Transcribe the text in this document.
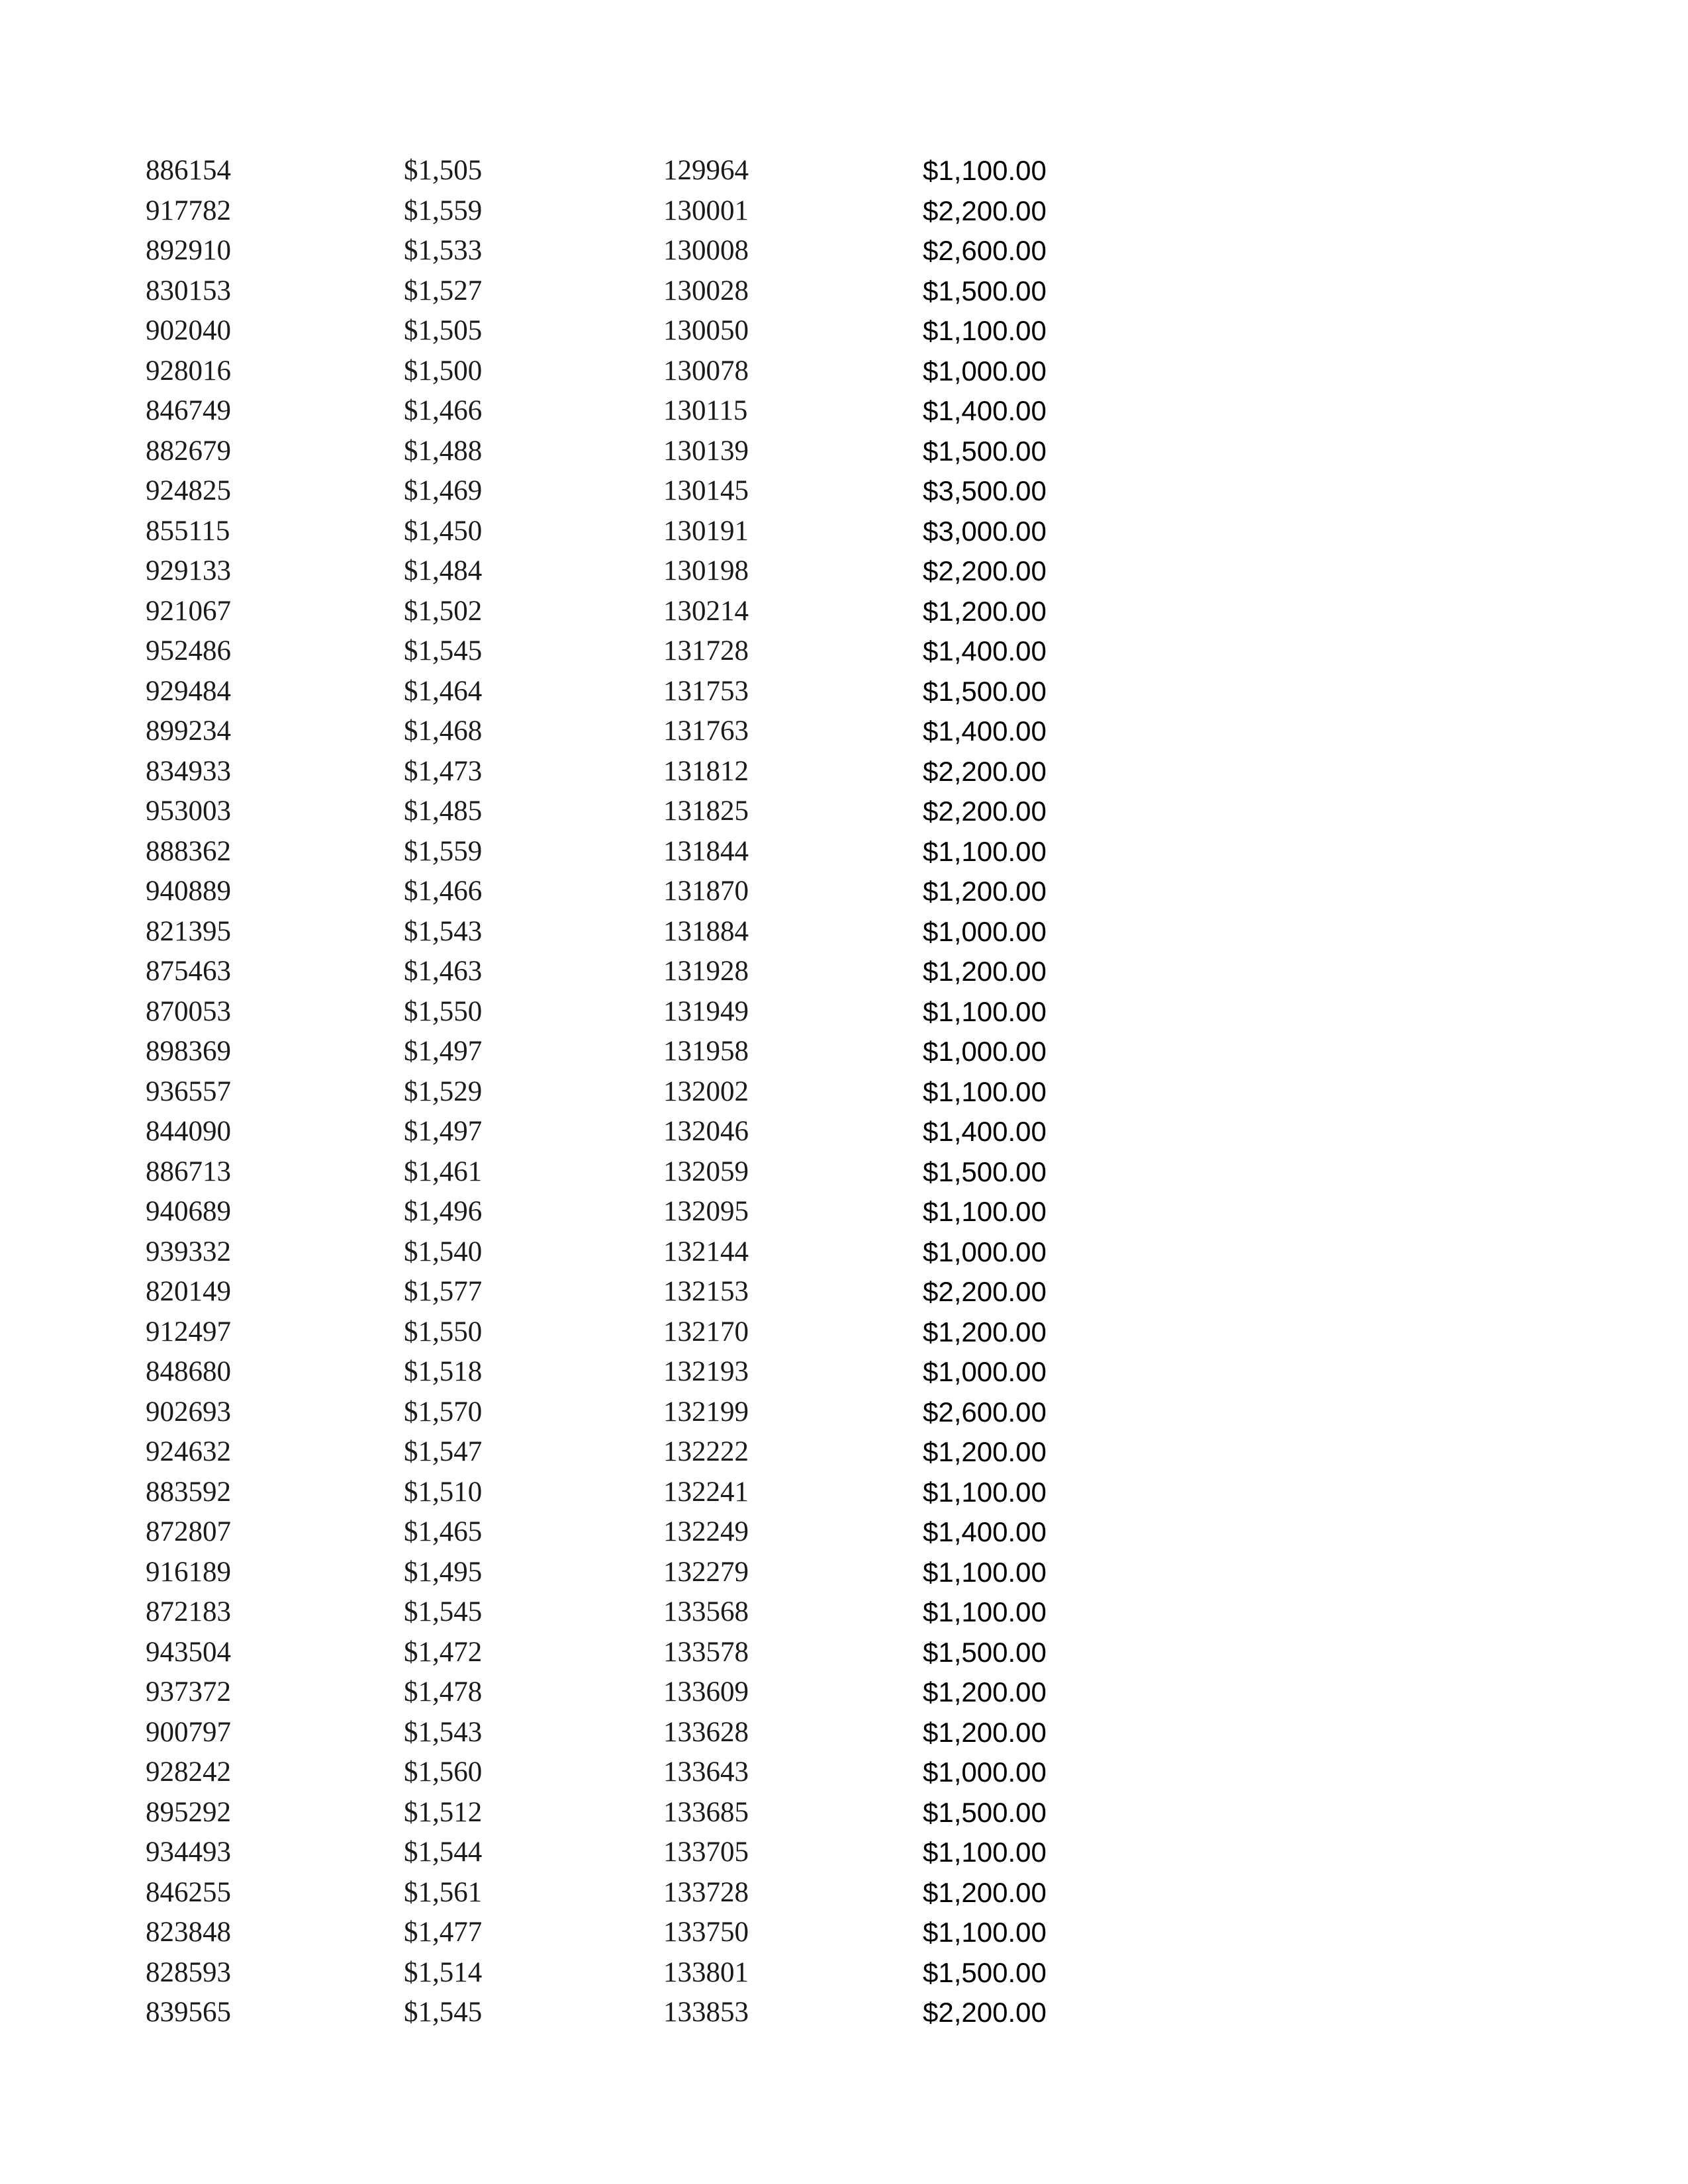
886154	$1,505	129964	$1,100.00
917782	$1,559	130001	$2,200.00
892910	$1,533	130008	$2,600.00
830153	$1,527	130028	$1,500.00
902040	$1,505	130050	$1,100.00
928016	$1,500	130078	$1,000.00
846749	$1,466	130115	$1,400.00
882679	$1,488	130139	$1,500.00
924825	$1,469	130145	$3,500.00
855115	$1,450	130191	$3,000.00
929133	$1,484	130198	$2,200.00
921067	$1,502	130214	$1,200.00
952486	$1,545	131728	$1,400.00
929484	$1,464	131753	$1,500.00
899234	$1,468	131763	$1,400.00
834933	$1,473	131812	$2,200.00
953003	$1,485	131825	$2,200.00
888362	$1,559	131844	$1,100.00
940889	$1,466	131870	$1,200.00
821395	$1,543	131884	$1,000.00
875463	$1,463	131928	$1,200.00
870053	$1,550	131949	$1,100.00
898369	$1,497	131958	$1,000.00
936557	$1,529	132002	$1,100.00
844090	$1,497	132046	$1,400.00
886713	$1,461	132059	$1,500.00
940689	$1,496	132095	$1,100.00
939332	$1,540	132144	$1,000.00
820149	$1,577	132153	$2,200.00
912497	$1,550	132170	$1,200.00
848680	$1,518	132193	$1,000.00
902693	$1,570	132199	$2,600.00
924632	$1,547	132222	$1,200.00
883592	$1,510	132241	$1,100.00
872807	$1,465	132249	$1,400.00
916189	$1,495	132279	$1,100.00
872183	$1,545	133568	$1,100.00
943504	$1,472	133578	$1,500.00
937372	$1,478	133609	$1,200.00
900797	$1,543	133628	$1,200.00
928242	$1,560	133643	$1,000.00
895292	$1,512	133685	$1,500.00
934493	$1,544	133705	$1,100.00
846255	$1,561	133728	$1,200.00
823848	$1,477	133750	$1,100.00
828593	$1,514	133801	$1,500.00
839565	$1,545	133853	$2,200.00
